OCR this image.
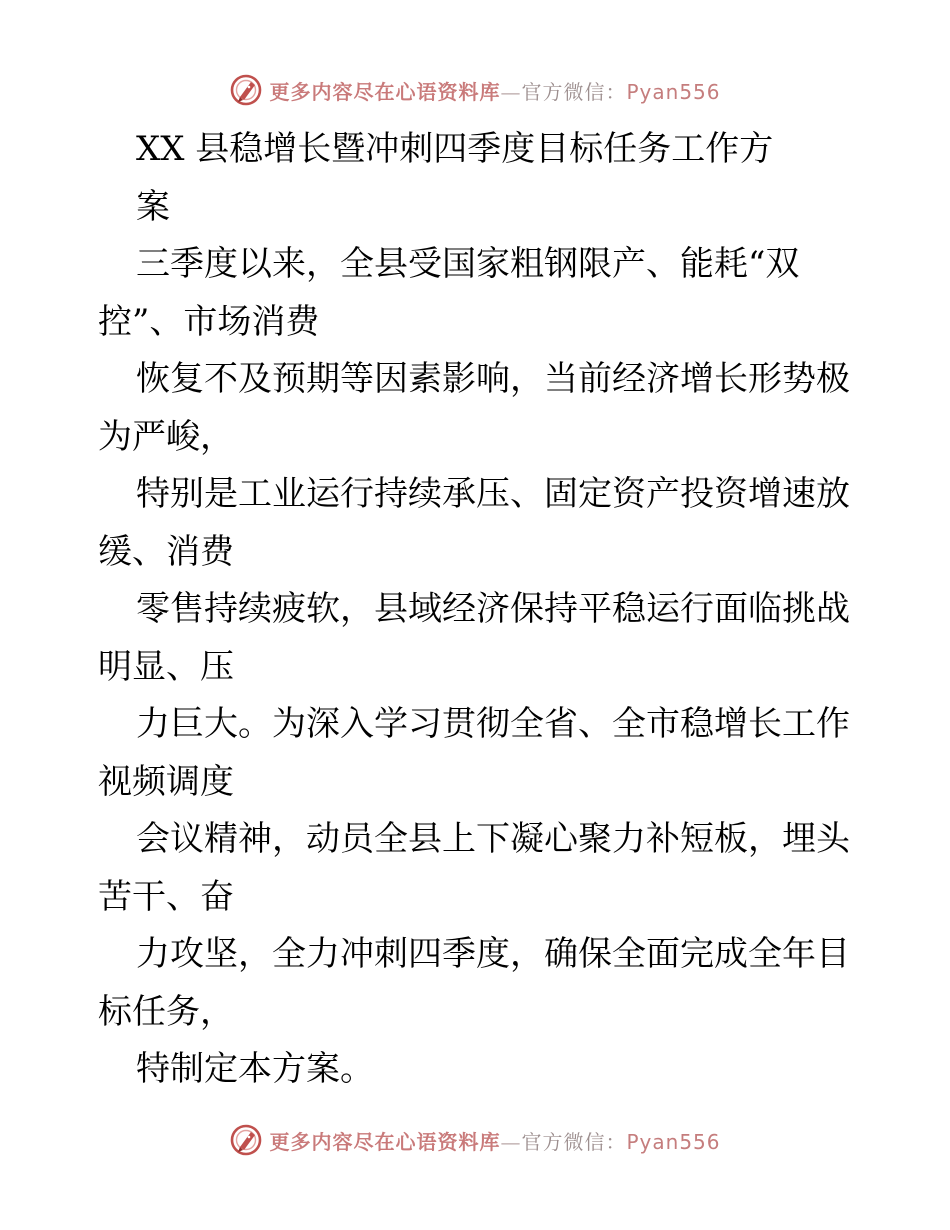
更多内容尽在心语资料库—官方微信：Pyan556
XX 县稳增长暨冲刺四季度目标任务工作方
案
三季度以来，全县受国家粗钢限产、能耗“双
控”、市场消费
恢复不及预期等因素影响，当前经济增长形势极
为严峻，
特别是工业运行持续承压、固定资产投资增速放
缓、消费
零售持续疲软，县域经济保持平稳运行面临挑战
明显、压
力巨大。为深入学习贯彻全省、全市稳增长工作
视频调度
会议精神，动员全县上下凝心聚力补短板，埋头
苦干、奋
力攻坚，全力冲刺四季度，确保全面完成全年目
标任务，
特制定本方案。
更多内容尽在心语资料库—官方微信：Pyan556
